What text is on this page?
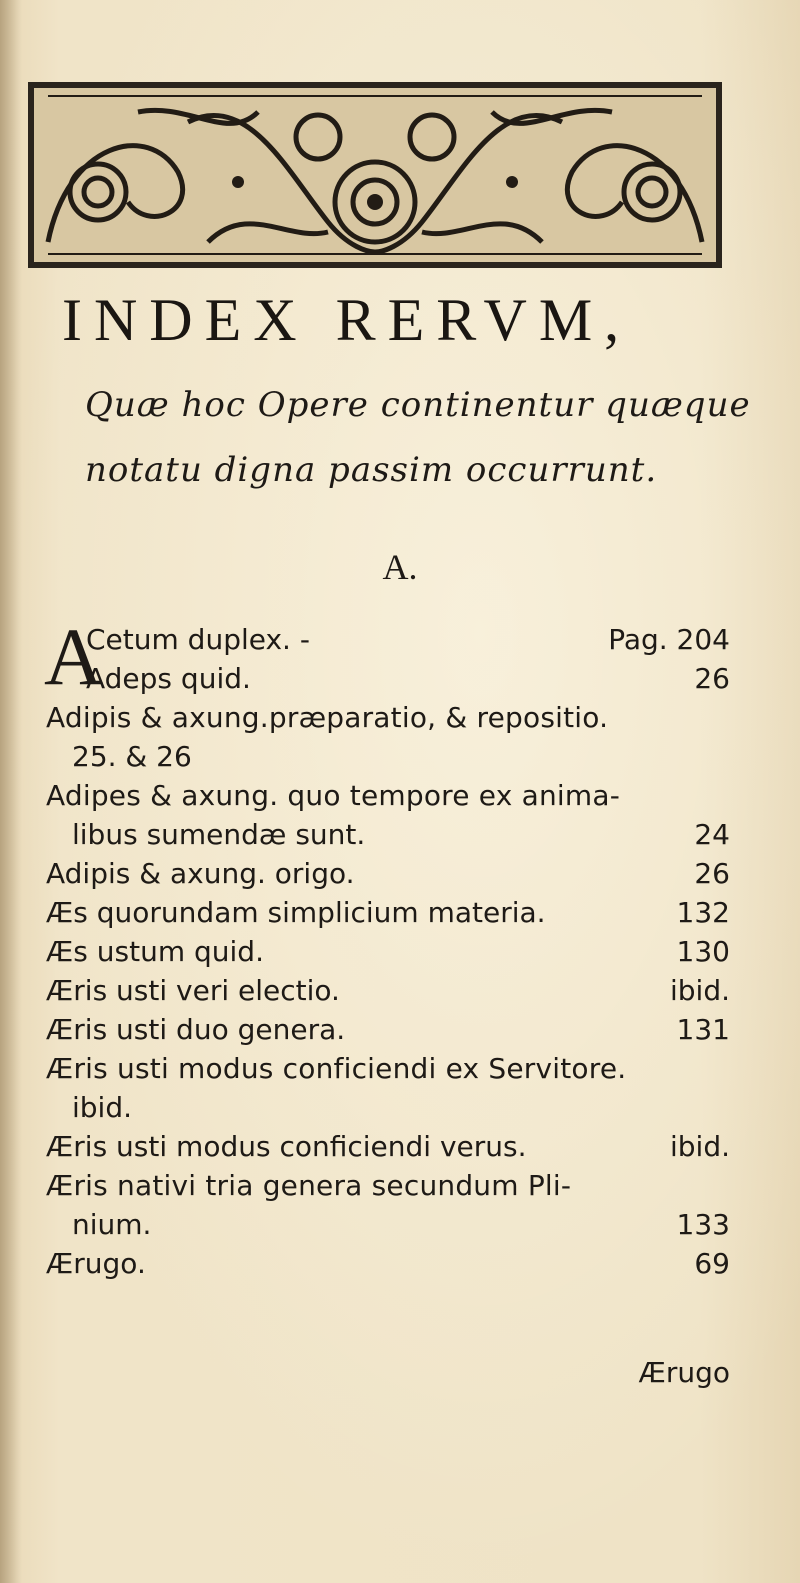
INDEX RERVM,
Quæ hoc Opere continentur quæque
notatu digna passim occurrunt.
A.
A
Cetum duplex. -	Pag. 204
Adeps quid.	26
Adipis & axung.præparatio, & repositio.
25. & 26
Adipes & axung. quo tempore ex anima-
libus sumendæ sunt.	24
Adipis & axung. origo.	26
Æs quorundam simplicium materia.	132
Æs ustum quid.	130
Æris usti veri electio.	ibid.
Æris usti duo genera.	131
Æris usti modus conficiendi ex Servitore.
ibid.
Æris usti modus conficiendi verus.	ibid.
Æris nativi tria genera secundum Pli-
nium.	133
Ærugo.	69
Ærugo
